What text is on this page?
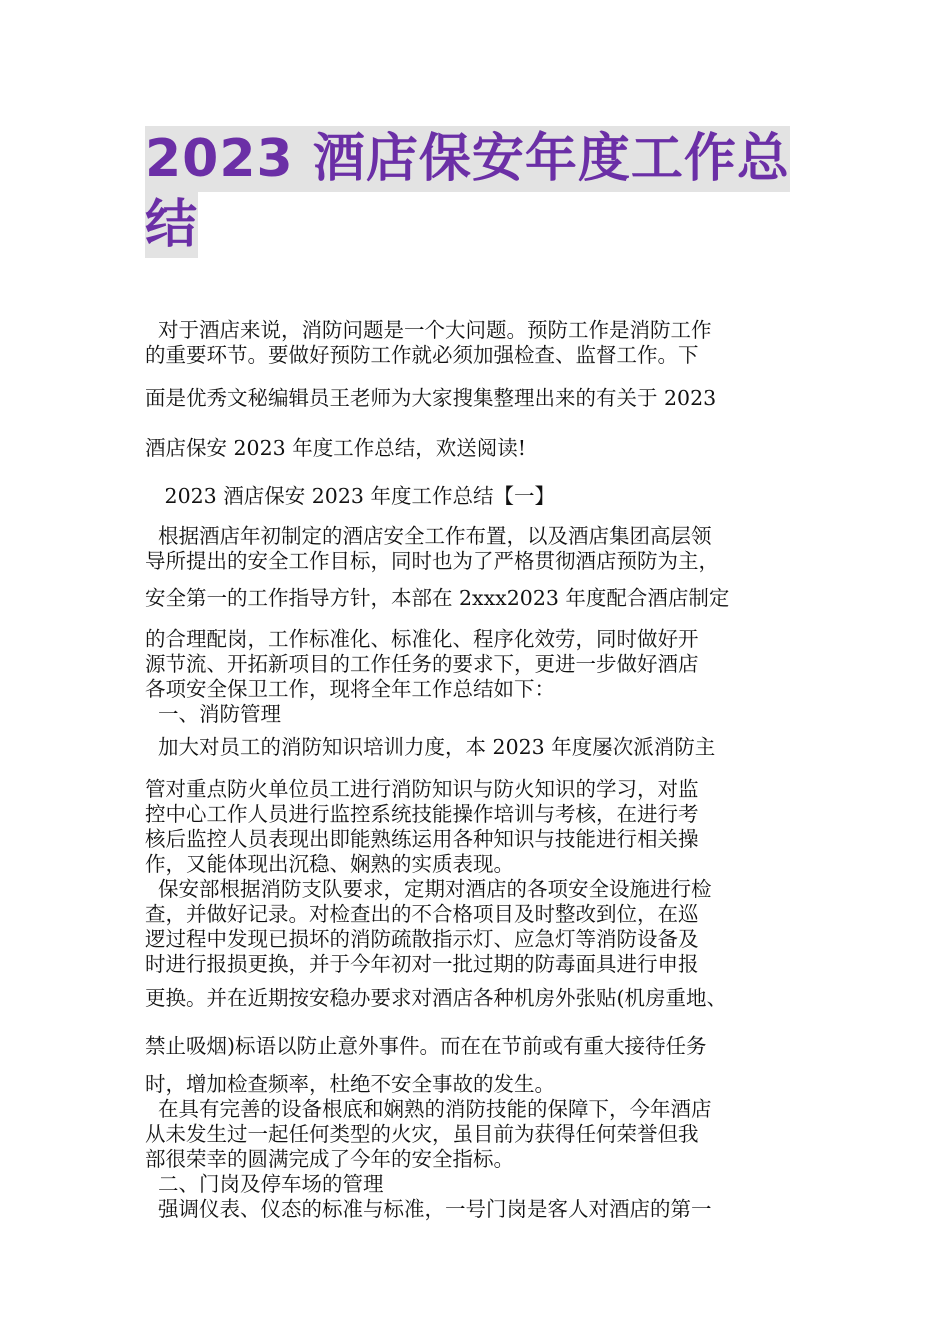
2023 酒店保安年度工作总
结

对于酒店来说，消防问题是一个大问题。预防工作是消防工作

的重要环节。要做好预防工作就必须加强检查、监督工作。下

面是优秀文秘编辑员王老师为大家搜集整理出来的有关于 2023

酒店保安 2023 年度工作总结，欢送阅读!

2023 酒店保安 2023 年度工作总结【一】

根据酒店年初制定的酒店安全工作布置，以及酒店集团高层领

导所提出的安全工作目标，同时也为了严格贯彻酒店预防为主，

安全第一的工作指导方针，本部在 2xxx2023 年度配合酒店制定

的合理配岗，工作标准化、标准化、程序化效劳，同时做好开

源节流、开拓新项目的工作任务的要求下，更进一步做好酒店

各项安全保卫工作，现将全年工作总结如下：

一、消防管理

加大对员工的消防知识培训力度，本 2023 年度屡次派消防主

管对重点防火单位员工进行消防知识与防火知识的学习，对监

控中心工作人员进行监控系统技能操作培训与考核，在进行考

核后监控人员表现出即能熟练运用各种知识与技能进行相关操

作，又能体现出沉稳、娴熟的实质表现。

保安部根据消防支队要求，定期对酒店的各项安全设施进行检

查，并做好记录。对检查出的不合格项目及时整改到位，在巡

逻过程中发现已损坏的消防疏散指示灯、应急灯等消防设备及

时进行报损更换，并于今年初对一批过期的防毒面具进行申报

更换。并在近期按安稳办要求对酒店各种机房外张贴(机房重地、

禁止吸烟)标语以防止意外事件。而在在节前或有重大接待任务

时，增加检查频率，杜绝不安全事故的发生。

在具有完善的设备根底和娴熟的消防技能的保障下，今年酒店

从未发生过一起任何类型的火灾，虽目前为获得任何荣誉但我

部很荣幸的圆满完成了今年的安全指标。

二、门岗及停车场的管理

强调仪表、仪态的标准与标准，一号门岗是客人对酒店的第一
